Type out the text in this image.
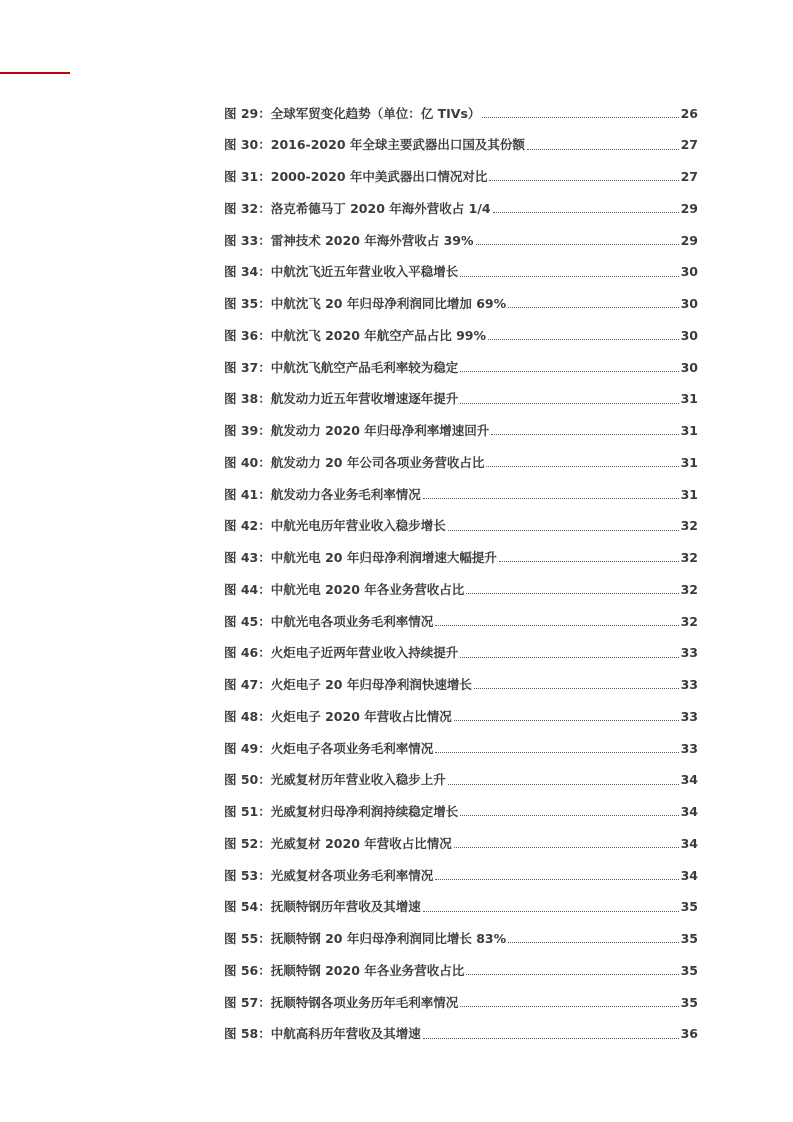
图 29： 全球军贸变化趋势（单位：亿 TIVs）	26
图 30： 2016-2020 年全球主要武器出口国及其份额	27
图 31： 2000-2020 年中美武器出口情况对比	27
图 32： 洛克希德马丁 2020 年海外营收占 1/4	29
图 33： 雷神技术 2020 年海外营收占 39%	29
图 34： 中航沈飞近五年营业收入平稳增长	30
图 35： 中航沈飞 20 年归母净利润同比增加 69%	30
图 36： 中航沈飞 2020 年航空产品占比 99%	30
图 37： 中航沈飞航空产品毛利率较为稳定	30
图 38： 航发动力近五年营收增速逐年提升	31
图 39： 航发动力 2020 年归母净利率增速回升	31
图 40： 航发动力 20 年公司各项业务营收占比	31
图 41： 航发动力各业务毛利率情况	31
图 42： 中航光电历年营业收入稳步增长	32
图 43： 中航光电 20 年归母净利润增速大幅提升	32
图 44： 中航光电 2020 年各业务营收占比	32
图 45： 中航光电各项业务毛利率情况	32
图 46： 火炬电子近两年营业收入持续提升	33
图 47： 火炬电子 20 年归母净利润快速增长	33
图 48： 火炬电子 2020 年营收占比情况	33
图 49： 火炬电子各项业务毛利率情况	33
图 50： 光威复材历年营业收入稳步上升	34
图 51： 光威复材归母净利润持续稳定增长	34
图 52： 光威复材 2020 年营收占比情况	34
图 53： 光威复材各项业务毛利率情况	34
图 54： 抚顺特钢历年营收及其增速	35
图 55： 抚顺特钢 20 年归母净利润同比增长 83%	35
图 56： 抚顺特钢 2020 年各业务营收占比	35
图 57： 抚顺特钢各项业务历年毛利率情况	35
图 58： 中航高科历年营收及其增速	36
